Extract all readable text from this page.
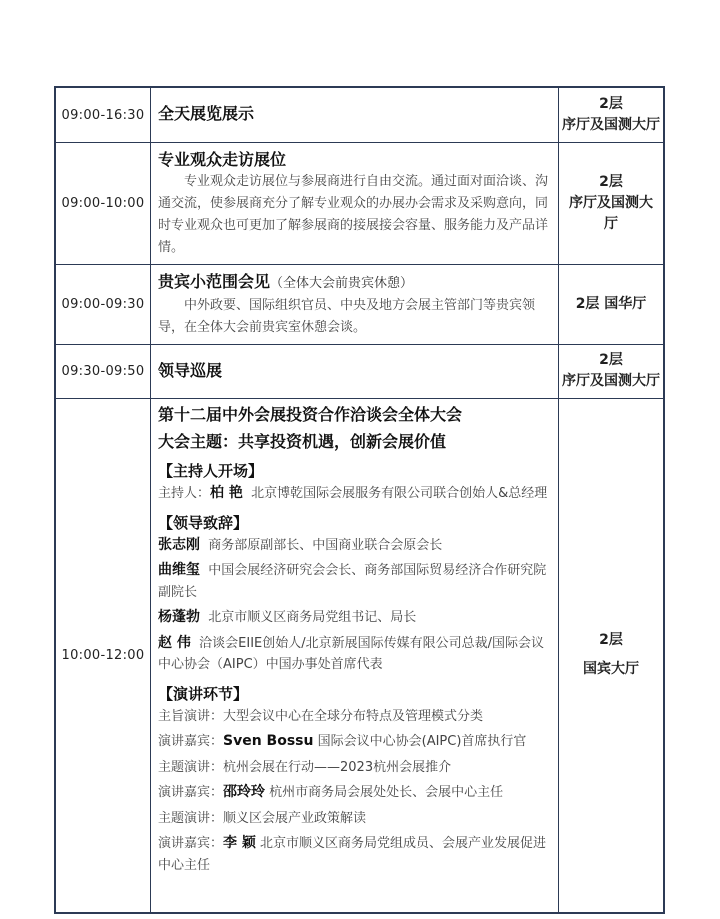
09:00-16:30 全天展览展示	2层
序厅及国测大厅
09:00-10:00
专业观众走访展位
专业观众走访展位与参展商进行自由交流。通过面对面洽谈、沟通交流，使参展商充分了解专业观众的办展办会需求及采购意向，同时专业观众也可更加了解参展商的接展接会容量、服务能力及产品详情。
2层
序厅及国测大
厅
09:00-09:30
贵宾小范围会见（全体大会前贵宾休憩）
中外政要、国际组织官员、中央及地方会展主管部门等贵宾领导，在全体大会前贵宾室休憩会谈。
2层 国华厅
09:30-09:50 领导巡展
2层
序厅及国测大厅
10:00-12:00
第十二届中外会展投资合作洽谈会全体大会
大会主题：共享投资机遇，创新会展价值
【主持人开场】
主持人：柏 艳 北京博乾国际会展服务有限公司联合创始人&总经理
【领导致辞】
张志刚 商务部原副部长、中国商业联合会原会长
曲维玺 中国会展经济研究会会长、商务部国际贸易经济合作研究院副院长
杨蓬勃 北京市顺义区商务局党组书记、局长
赵 伟 洽谈会EIIE创始人/北京新展国际传媒有限公司总裁/国际会议中心协会（AIPC）中国办事处首席代表
【演讲环节】
主旨演讲：大型会议中心在全球分布特点及管理模式分类
演讲嘉宾：Sven Bossu 国际会议中心协会(AIPC)首席执行官
主题演讲：杭州会展在行动——2023杭州会展推介
演讲嘉宾：邵玲玲 杭州市商务局会展处处长、会展中心主任
主题演讲：顺义区会展产业政策解读
演讲嘉宾：李 颖 北京市顺义区商务局党组成员、会展产业发展促进中心主任
2层
国宾大厅
